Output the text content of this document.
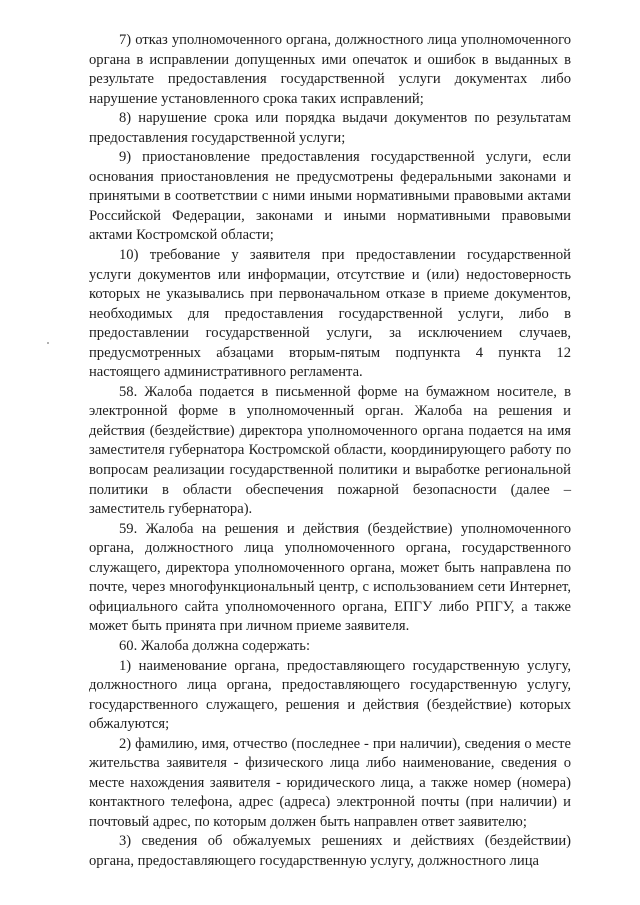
7) отказ уполномоченного органа, должностного лица уполномоченного органа в исправлении допущенных ими опечаток и ошибок в выданных в результате предоставления государственной услуги документах либо нарушение установленного срока таких исправлений;

8) нарушение срока или порядка выдачи документов по результатам предоставления государственной услуги;

9) приостановление предоставления государственной услуги, если основания приостановления не предусмотрены федеральными законами и принятыми в соответствии с ними иными нормативными правовыми актами Российской Федерации, законами и иными нормативными правовыми актами Костромской области;

10) требование у заявителя при предоставлении государственной услуги документов или информации, отсутствие и (или) недостоверность которых не указывались при первоначальном отказе в приеме документов, необходимых для предоставления государственной услуги, либо в предоставлении государственной услуги, за исключением случаев, предусмотренных абзацами вторым-пятым подпункта 4 пункта 12 настоящего административного регламента.

58. Жалоба подается в письменной форме на бумажном носителе, в электронной форме в уполномоченный орган. Жалоба на решения и действия (бездействие) директора уполномоченного органа подается на имя заместителя губернатора Костромской области, координирующего работу по вопросам реализации государственной политики и выработке региональной политики в области обеспечения пожарной безопасности (далее – заместитель губернатора).

59. Жалоба на решения и действия (бездействие) уполномоченного органа, должностного лица уполномоченного органа, государственного служащего, директора уполномоченного органа, может быть направлена по почте, через многофункциональный центр, с использованием сети Интернет, официального сайта уполномоченного органа, ЕПГУ либо РПГУ, а также может быть принята при личном приеме заявителя.

60. Жалоба должна содержать:

1) наименование органа, предоставляющего государственную услугу, должностного лица органа, предоставляющего государственную услугу, государственного служащего, решения и действия (бездействие) которых обжалуются;

2) фамилию, имя, отчество (последнее - при наличии), сведения о месте жительства заявителя - физического лица либо наименование, сведения о месте нахождения заявителя - юридического лица, а также номер (номера) контактного телефона, адрес (адреса) электронной почты (при наличии) и почтовый адрес, по которым должен быть направлен ответ заявителю;

3) сведения об обжалуемых решениях и действиях (бездействии) органа, предоставляющего государственную услугу, должностного лица
